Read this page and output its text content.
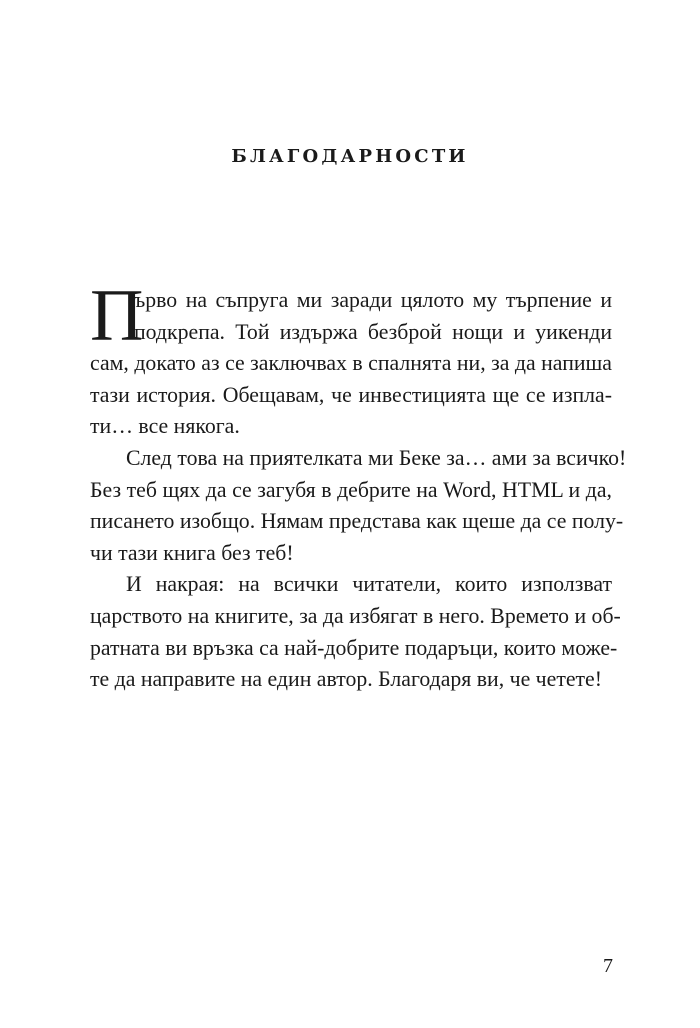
БЛАГОДАРНОСТИ
П
ърво на съпруга ми заради цялото му търпение и
подкрепа. Той издържа безброй нощи и уикенди
сам, докато аз се заключвах в спалнята ни, за да напиша
тази история. Обещавам, че инвестицията ще се изпла-
ти… все някога.
След това на приятелката ми Беке за… ами за всичко!
Без теб щях да се загубя в дебрите на Word, HTML и да,
писането изобщо. Нямам представа как щеше да се полу-
чи тази книга без теб!
И накрая: на всички читатели, които използват
царството на книгите, за да избягат в него. Времето и об-
ратната ви връзка са най-добрите подаръци, които може-
те да направите на един автор. Благодаря ви, че четете!
7
